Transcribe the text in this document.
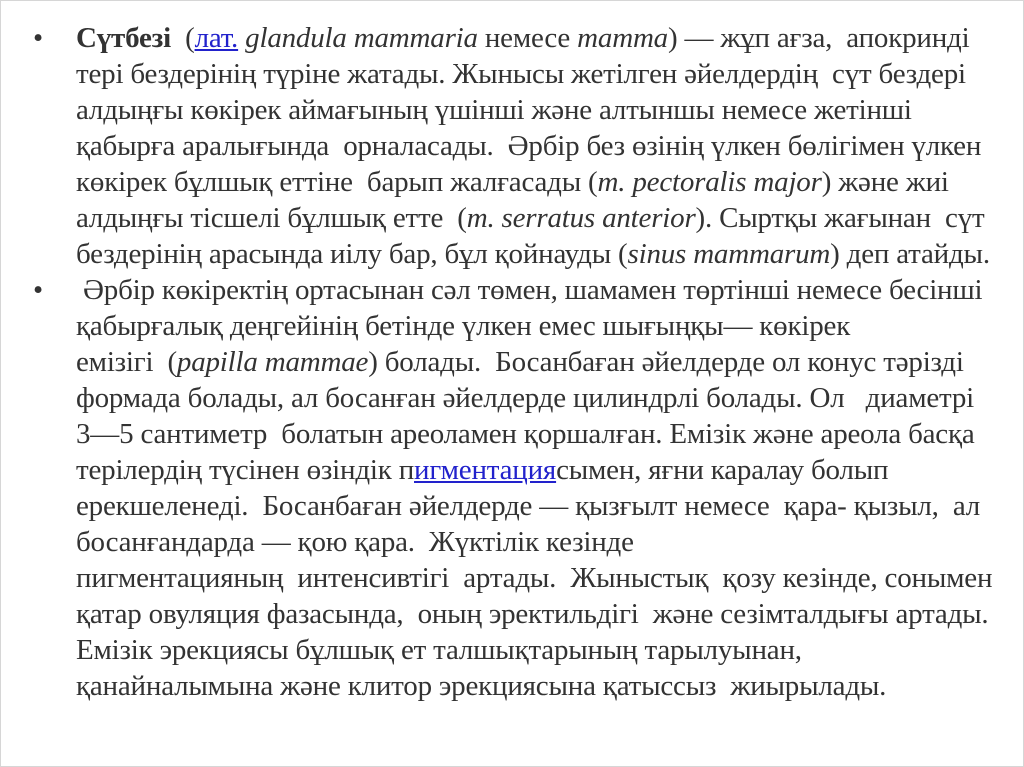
• Сүтбезі  (лат. glandula mammaria немесе mamma) — жұп ағза,  апокринді
тері бездерінің түріне жатады. Жынысы жетілген әйелдердің  сүт бездері
алдыңғы көкірек аймағының үшінші және алтыншы немесе жетінші
қабырға аралығында  орналасады.  Әрбір без өзінің үлкен бөлігімен үлкен
көкірек бұлшық еттіне  барып жалғасады (m. pectoralis major) және жиі
алдыңғы тісшелі бұлшық етте  (m. serratus anterior). Сыртқы жағынан  сүт
бездерінің арасында иілу бар, бұл қойнауды (sinus mammarum) деп атайды.
• Әрбір көкіректің ортасынан сәл төмен, шамамен төртінші немесе бесінші
қабырғалық деңгейінің бетінде үлкен емес шығыңқы— көкірек
емізігі  (papilla mammae) болады.  Босанбаған әйелдерде ол конус тәрізді
формада болады, ал босанған әйелдерде цилиндрлі болады. Ол   диаметрі
3—5 сантиметр  болатын ареоламен қоршалған. Емізік және ареола басқа
терілердің түсінен өзіндік пигментациясымен, яғни каралау болып
ерекшеленеді.  Босанбаған әйелдерде — қызғылт немесе  қара- қызыл,  ал
босанғандарда — қою қара.  Жүктілік кезінде
пигментацияның  интенсивтігі  артады.  Жыныстық  қозу кезінде, сонымен
қатар овуляция фазасында,  оның эректильдігі  және сезімталдығы артады.
Емізік эрекциясы бұлшық ет талшықтарының тарылуынан,
қанайналымына және клитор эрекциясына қатыссыз  жиырылады.
